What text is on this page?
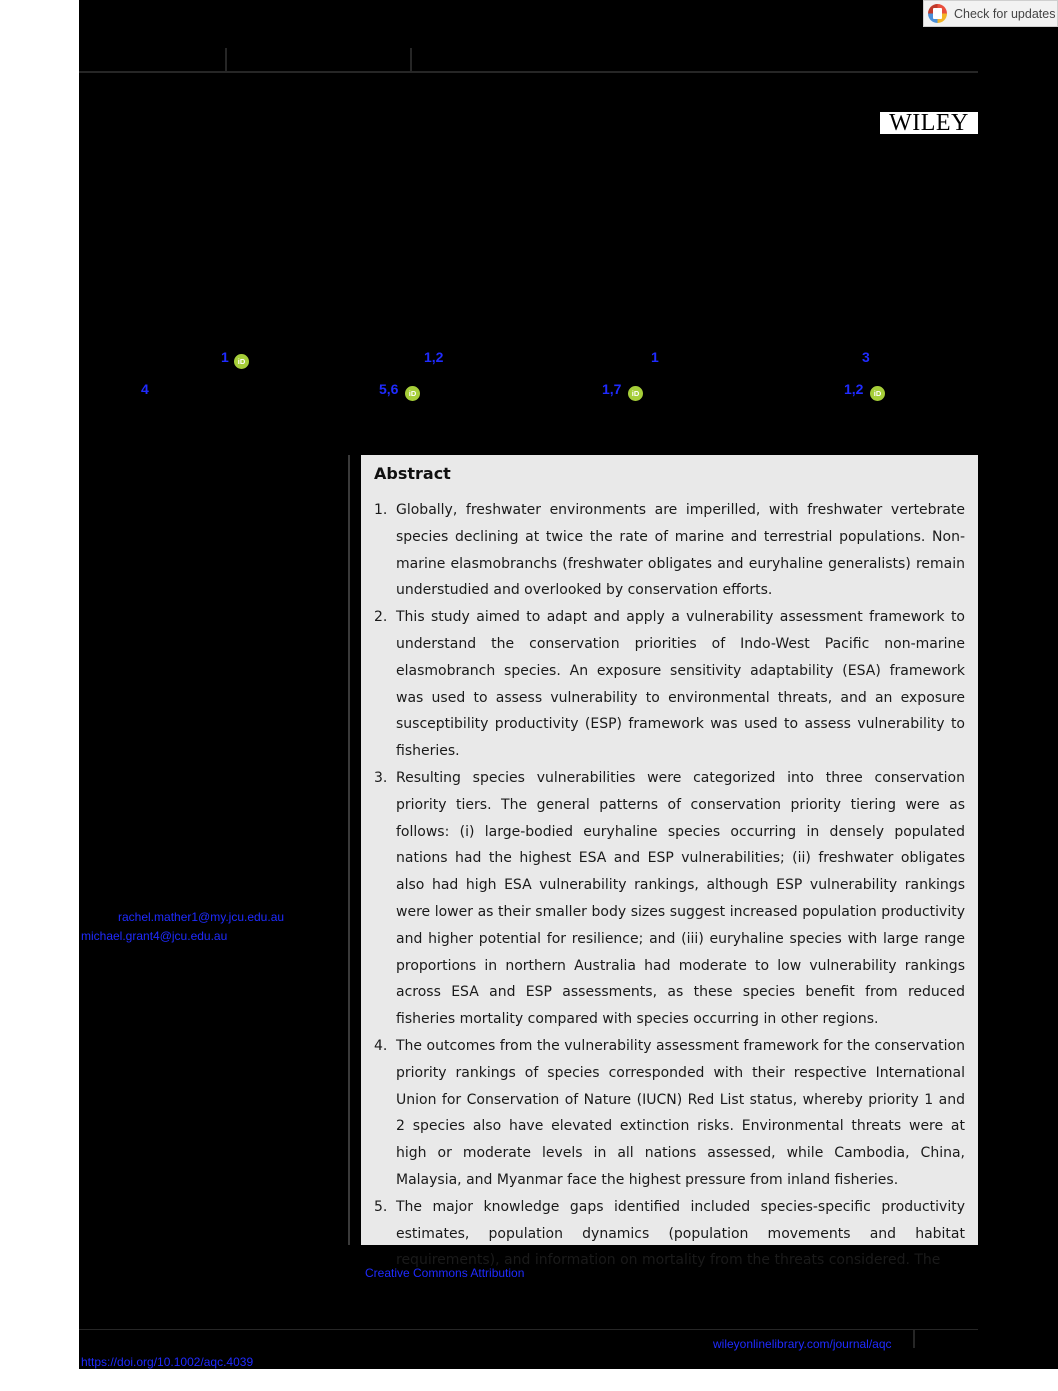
Check for updates
WILEY
1	iD	1,2	1	3
4	5,6	iD	1,7	iD	1,2	iD
Abstract
1. Globally, freshwater environments are imperilled, with freshwater vertebrate species declining at twice the rate of marine and terrestrial populations. Non-marine elasmobranchs (freshwater obligates and euryhaline generalists) remain understudied and overlooked by conservation efforts.
2. This study aimed to adapt and apply a vulnerability assessment framework to understand the conservation priorities of Indo-West Pacific non-marine elasmobranch species. An exposure sensitivity adaptability (ESA) framework was used to assess vulnerability to environmental threats, and an exposure susceptibility productivity (ESP) framework was used to assess vulnerability to fisheries.
3. Resulting species vulnerabilities were categorized into three conservation priority tiers. The general patterns of conservation priority tiering were as follows: (i) large-bodied euryhaline species occurring in densely populated nations had the highest ESA and ESP vulnerabilities; (ii) freshwater obligates also had high ESA vulnerability rankings, although ESP vulnerability rankings were lower as their smaller body sizes suggest increased population productivity and higher potential for resilience; and (iii) euryhaline species with large range proportions in northern Australia had moderate to low vulnerability rankings across ESA and ESP assessments, as these species benefit from reduced fisheries mortality compared with species occurring in other regions.
4. The outcomes from the vulnerability assessment framework for the conservation priority rankings of species corresponded with their respective International Union for Conservation of Nature (IUCN) Red List status, whereby priority 1 and 2 species also have elevated extinction risks. Environmental threats were at high or moderate levels in all nations assessed, while Cambodia, China, Malaysia, and Myanmar face the highest pressure from inland fisheries.
5. The major knowledge gaps identified included species-specific productivity estimates, population dynamics (population movements and habitat requirements), and information on mortality from the threats considered. The
rachel.mather1@my.jcu.edu.au
michael.grant4@jcu.edu.au
Creative Commons Attribution
wileyonlinelibrary.com/journal/aqc
https://doi.org/10.1002/aqc.4039
